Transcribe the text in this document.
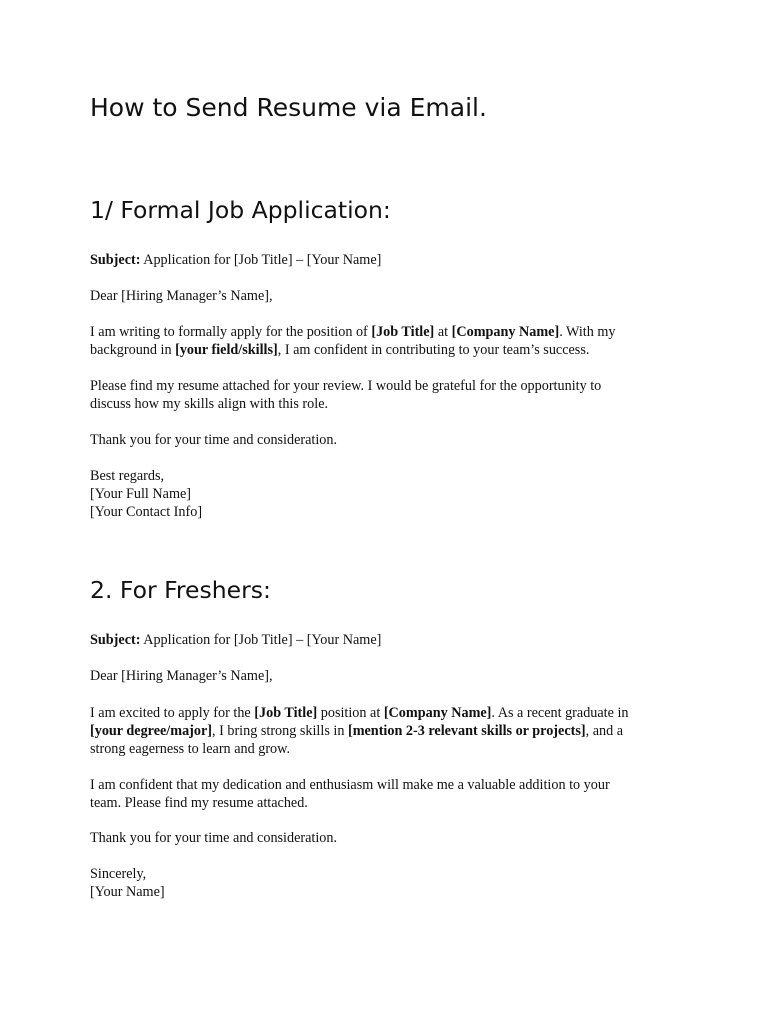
How to Send Resume via Email.
1/ Formal Job Application:

Subject: Application for [Job Title] – [Your Name]

Dear [Hiring Manager’s Name],

I am writing to formally apply for the position of [Job Title] at [Company Name]. With my

background in [your field/skills], I am confident in contributing to your team’s success.

Please find my resume attached for your review. I would be grateful for the opportunity to

discuss how my skills align with this role.

Thank you for your time and consideration.

Best regards,

[Your Full Name]

[Your Contact Info]

2. For Freshers:

Subject: Application for [Job Title] – [Your Name]

Dear [Hiring Manager’s Name],

I am excited to apply for the [Job Title] position at [Company Name]. As a recent graduate in

[your degree/major], I bring strong skills in [mention 2-3 relevant skills or projects], and a

strong eagerness to learn and grow.

I am confident that my dedication and enthusiasm will make me a valuable addition to your

team. Please find my resume attached.

Thank you for your time and consideration.

Sincerely,

[Your Name]
